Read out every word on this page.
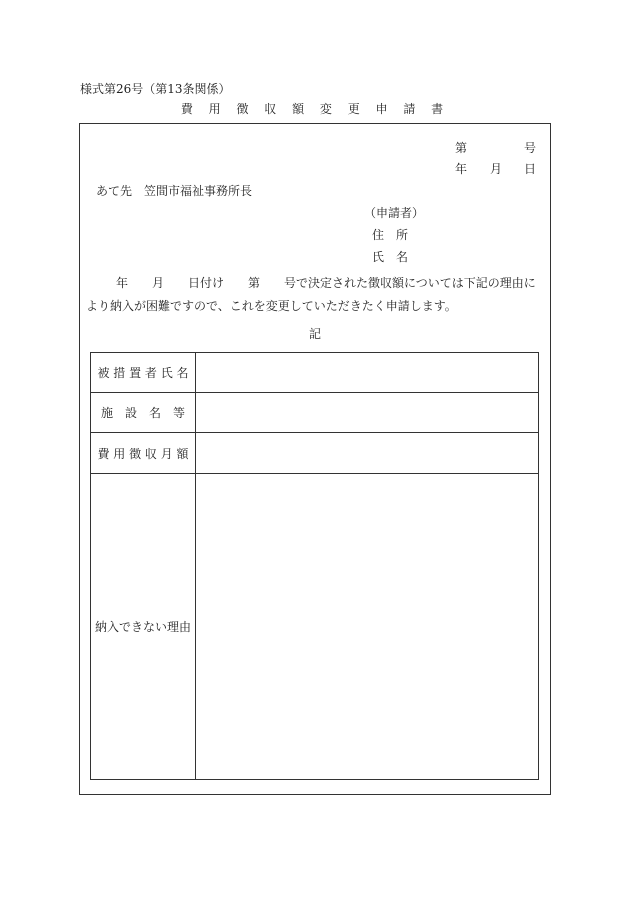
様式第26号（第13条関係）
費 用 徴 収 額 変 更 申 請 書
第	号
年 月 日
あて先　笠間市福祉事務所長
（申請者）
住　所
氏　名
年　　月　　日付け　　第　　号で決定された徴収額については下記の理由により納入が困難ですので、これを変更していただきたく申請します。
記
被 措 置 者 氏 名
施　設　名　等
費 用 徴 収 月 額
納入できない理由
